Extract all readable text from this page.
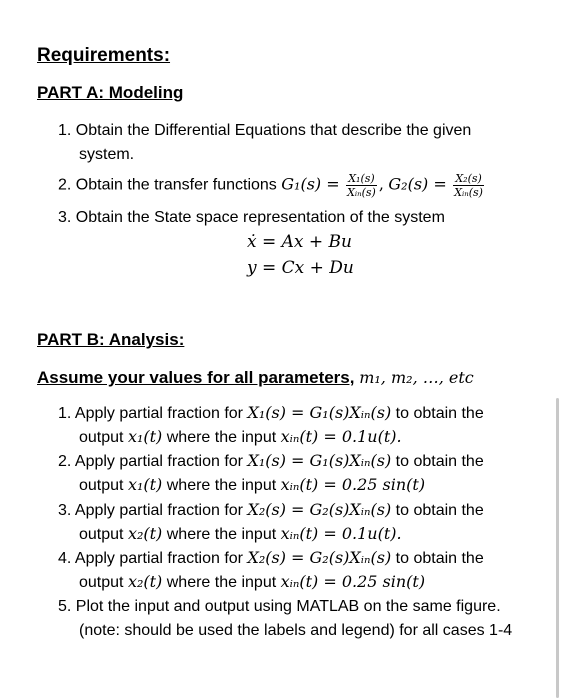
Requirements:
PART A: Modeling
1. Obtain the Differential Equations that describe the given
system.
2. Obtain the transfer functions $G_1(s) = \frac{\text{X₁(s)}}{\text{Xᵢₙ(s)}}$ , $G_2(s) = \frac{\text{X₂(s)}}{\text{Xᵢₙ(s)}}$
3. Obtain the State space representation of the system
ẋ = Ax + Bu
y = Cx + Du
PART B: Analysis:
Assume your values for all parameters, m₁, m₂, …, etc
1. Apply partial fraction for X₁(s) = G₁(s)Xᵢₙ(s) to obtain the
output x₁(t) where the input xᵢₙ(t) = 0.1u(t).
2. Apply partial fraction for X₁(s) = G₁(s)Xᵢₙ(s) to obtain the
output x₁(t) where the input xᵢₙ(t) = 0.25 sin(t)
3. Apply partial fraction for X₂(s) = G₂(s)Xᵢₙ(s) to obtain the
output x₂(t) where the input xᵢₙ(t) = 0.1u(t).
4. Apply partial fraction for X₂(s) = G₂(s)Xᵢₙ(s) to obtain the
output x₂(t) where the input xᵢₙ(t) = 0.25 sin(t)
5. Plot the input and output using MATLAB on the same figure.
(note: should be used the labels and legend) for all cases 1-4
